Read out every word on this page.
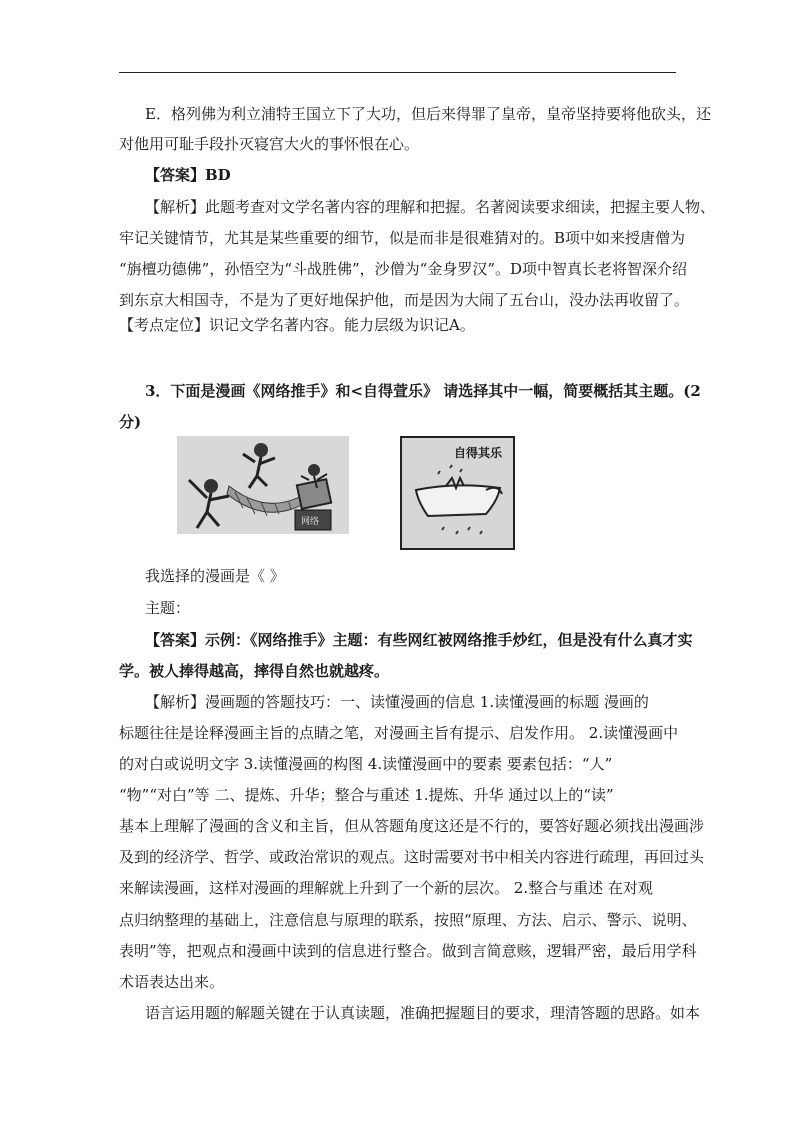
E．格列佛为利立浦特王国立下了大功，但后来得罪了皇帝，皇帝坚持要将他砍头，还
对他用可耻手段扑灭寝宫大火的事怀恨在心。
【答案】BD
【解析】此题考查对文学名著内容的理解和把握。名著阅读要求细读，把握主要人物、
牢记关键情节，尤其是某些重要的细节，似是而非是很难猜对的。B项中如来授唐僧为
“旃檀功德佛”，孙悟空为“斗战胜佛”，沙僧为“金身罗汉”。D项中智真长老将智深介绍
到东京大相国寺，不是为了更好地保护他，而是因为大闹了五台山，没办法再收留了。
【考点定位】识记文学名著内容。能力层级为识记A。
3．下面是漫画《网络推手》和<自得萱乐》 请选择其中一幅，简要概括其主题。(2
分)
网络
自得其乐
我选择的漫画是《 》
主题：
【答案】示例：《网络推手》主题：有些网红被网络推手炒红，但是没有什么真才实
学。被人捧得越高，摔得自然也就越疼。
【解析】漫画题的答题技巧：一、读懂漫画的信息 1.读懂漫画的标题 漫画的
标题往往是诠释漫画主旨的点睛之笔，对漫画主旨有提示、启发作用。 2.读懂漫画中
的对白或说明文字 3.读懂漫画的构图 4.读懂漫画中的要素 要素包括：“人”
“物”“对白”等 二、提炼、升华；整合与重述 1.提炼、升华 通过以上的“读”
基本上理解了漫画的含义和主旨，但从答题角度这还是不行的，要答好题必须找出漫画涉
及到的经济学、哲学、或政治常识的观点。这时需要对书中相关内容进行疏理，再回过头
来解读漫画，这样对漫画的理解就上升到了一个新的层次。 2.整合与重述 在对观
点归纳整理的基础上，注意信息与原理的联系，按照“原理、方法、启示、警示、说明、
表明”等，把观点和漫画中读到的信息进行整合。做到言简意赅，逻辑严密，最后用学科
术语表达出来。
语言运用题的解题关键在于认真读题，准确把握题目的要求，理清答题的思路。如本
